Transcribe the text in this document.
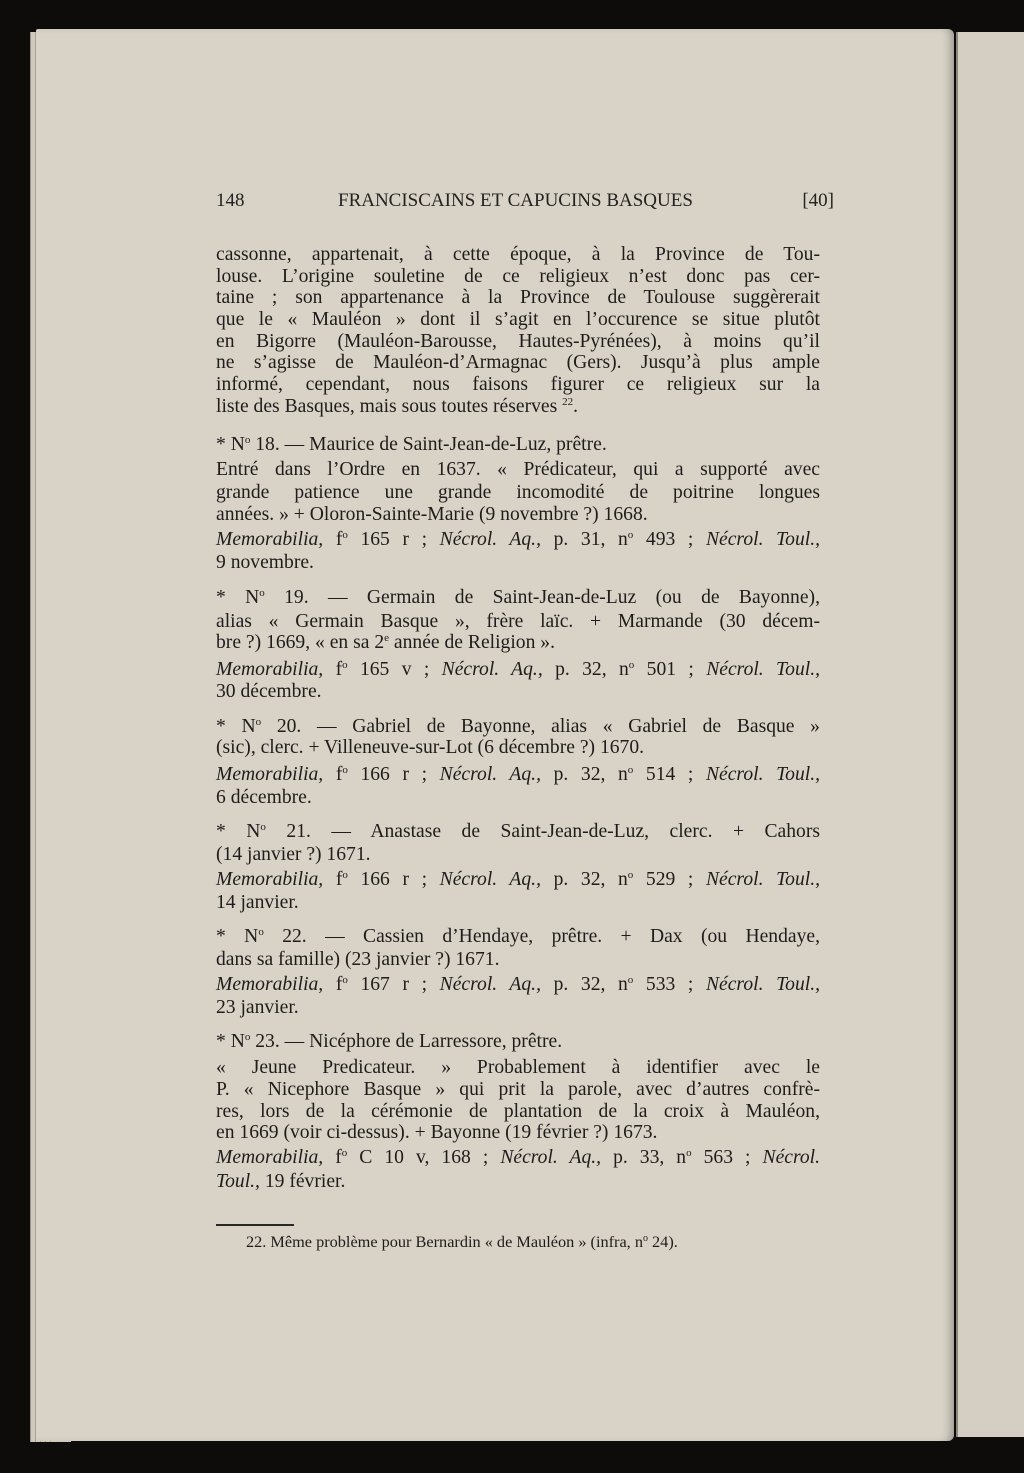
148	FRANCISCAINS ET CAPUCINS BASQUES	[40]
cassonne, appartenait, à cette époque, à la Province de Tou-
louse. L’origine souletine de ce religieux n’est donc pas cer-
taine ; son appartenance à la Province de Toulouse suggèrerait
que le « Mauléon » dont il s’agit en l’occurence se situe plutôt
en Bigorre (Mauléon-Barousse, Hautes-Pyrénées), à moins qu’il
ne s’agisse de Mauléon-d’Armagnac (Gers). Jusqu’à plus ample
informé, cependant, nous faisons figurer ce religieux sur la
liste des Basques, mais sous toutes réserves $^{22}$.
* $N^o$ 18. — Maurice de Saint-Jean-de-Luz, prêtre.
Entré dans l’Ordre en 1637. « Prédicateur, qui a supporté avec
grande patience une grande incomodité de poitrine longues
années. » + Oloron-Sainte-Marie (9 novembre ?) 1668.
Memorabilia, $f^o$ 165 r ; Nécrol. Aq., p. 31, $n^o$ 493 ; Nécrol. Toul.,
9 novembre.
* $N^o$ 19. — Germain de Saint-Jean-de-Luz (ou de Bayonne),
alias « Germain Basque », frère laïc. + Marmande (30 décem-
bre ?) 1669, « en sa 2e année de Religion ».
Memorabilia, $f^o$ 165 v ; Nécrol. Aq., p. 32, $n^o$ 501 ; Nécrol. Toul.,
30 décembre.
* $N^o$ 20. — Gabriel de Bayonne, alias « Gabriel de Basque »
(sic), clerc. + Villeneuve-sur-Lot (6 décembre ?) 1670.
Memorabilia, $f^o$ 166 r ; Nécrol. Aq., p. 32, $n^o$ 514 ; Nécrol. Toul.,
6 décembre.
* $N^o$ 21. — Anastase de Saint-Jean-de-Luz, clerc. + Cahors
(14 janvier ?) 1671.
Memorabilia, $f^o$ 166 r ; Nécrol. Aq., p. 32, $n^o$ 529 ; Nécrol. Toul.,
14 janvier.
* $N^o$ 22. — Cassien d’Hendaye, prêtre. + Dax (ou Hendaye,
dans sa famille) (23 janvier ?) 1671.
Memorabilia, $f^o$ 167 r ; Nécrol. Aq., p. 32, $n^o$ 533 ; Nécrol. Toul.,
23 janvier.
* $N^o$ 23. — Nicéphore de Larressore, prêtre.
« Jeune Predicateur. » Probablement à identifier avec le
P. « Nicephore Basque » qui prit la parole, avec d’autres confrè-
res, lors de la cérémonie de plantation de la croix à Mauléon,
en 1669 (voir ci-dessus). + Bayonne (19 février ?) 1673.
Memorabilia, $f^o$ C 10 v, 168 ; Nécrol. Aq., p. 33, $n^o$ 563 ; Nécrol.
Toul., 19 février.
22. Même problème pour Bernardin « de Mauléon » (infra, $n^o$ 24).
